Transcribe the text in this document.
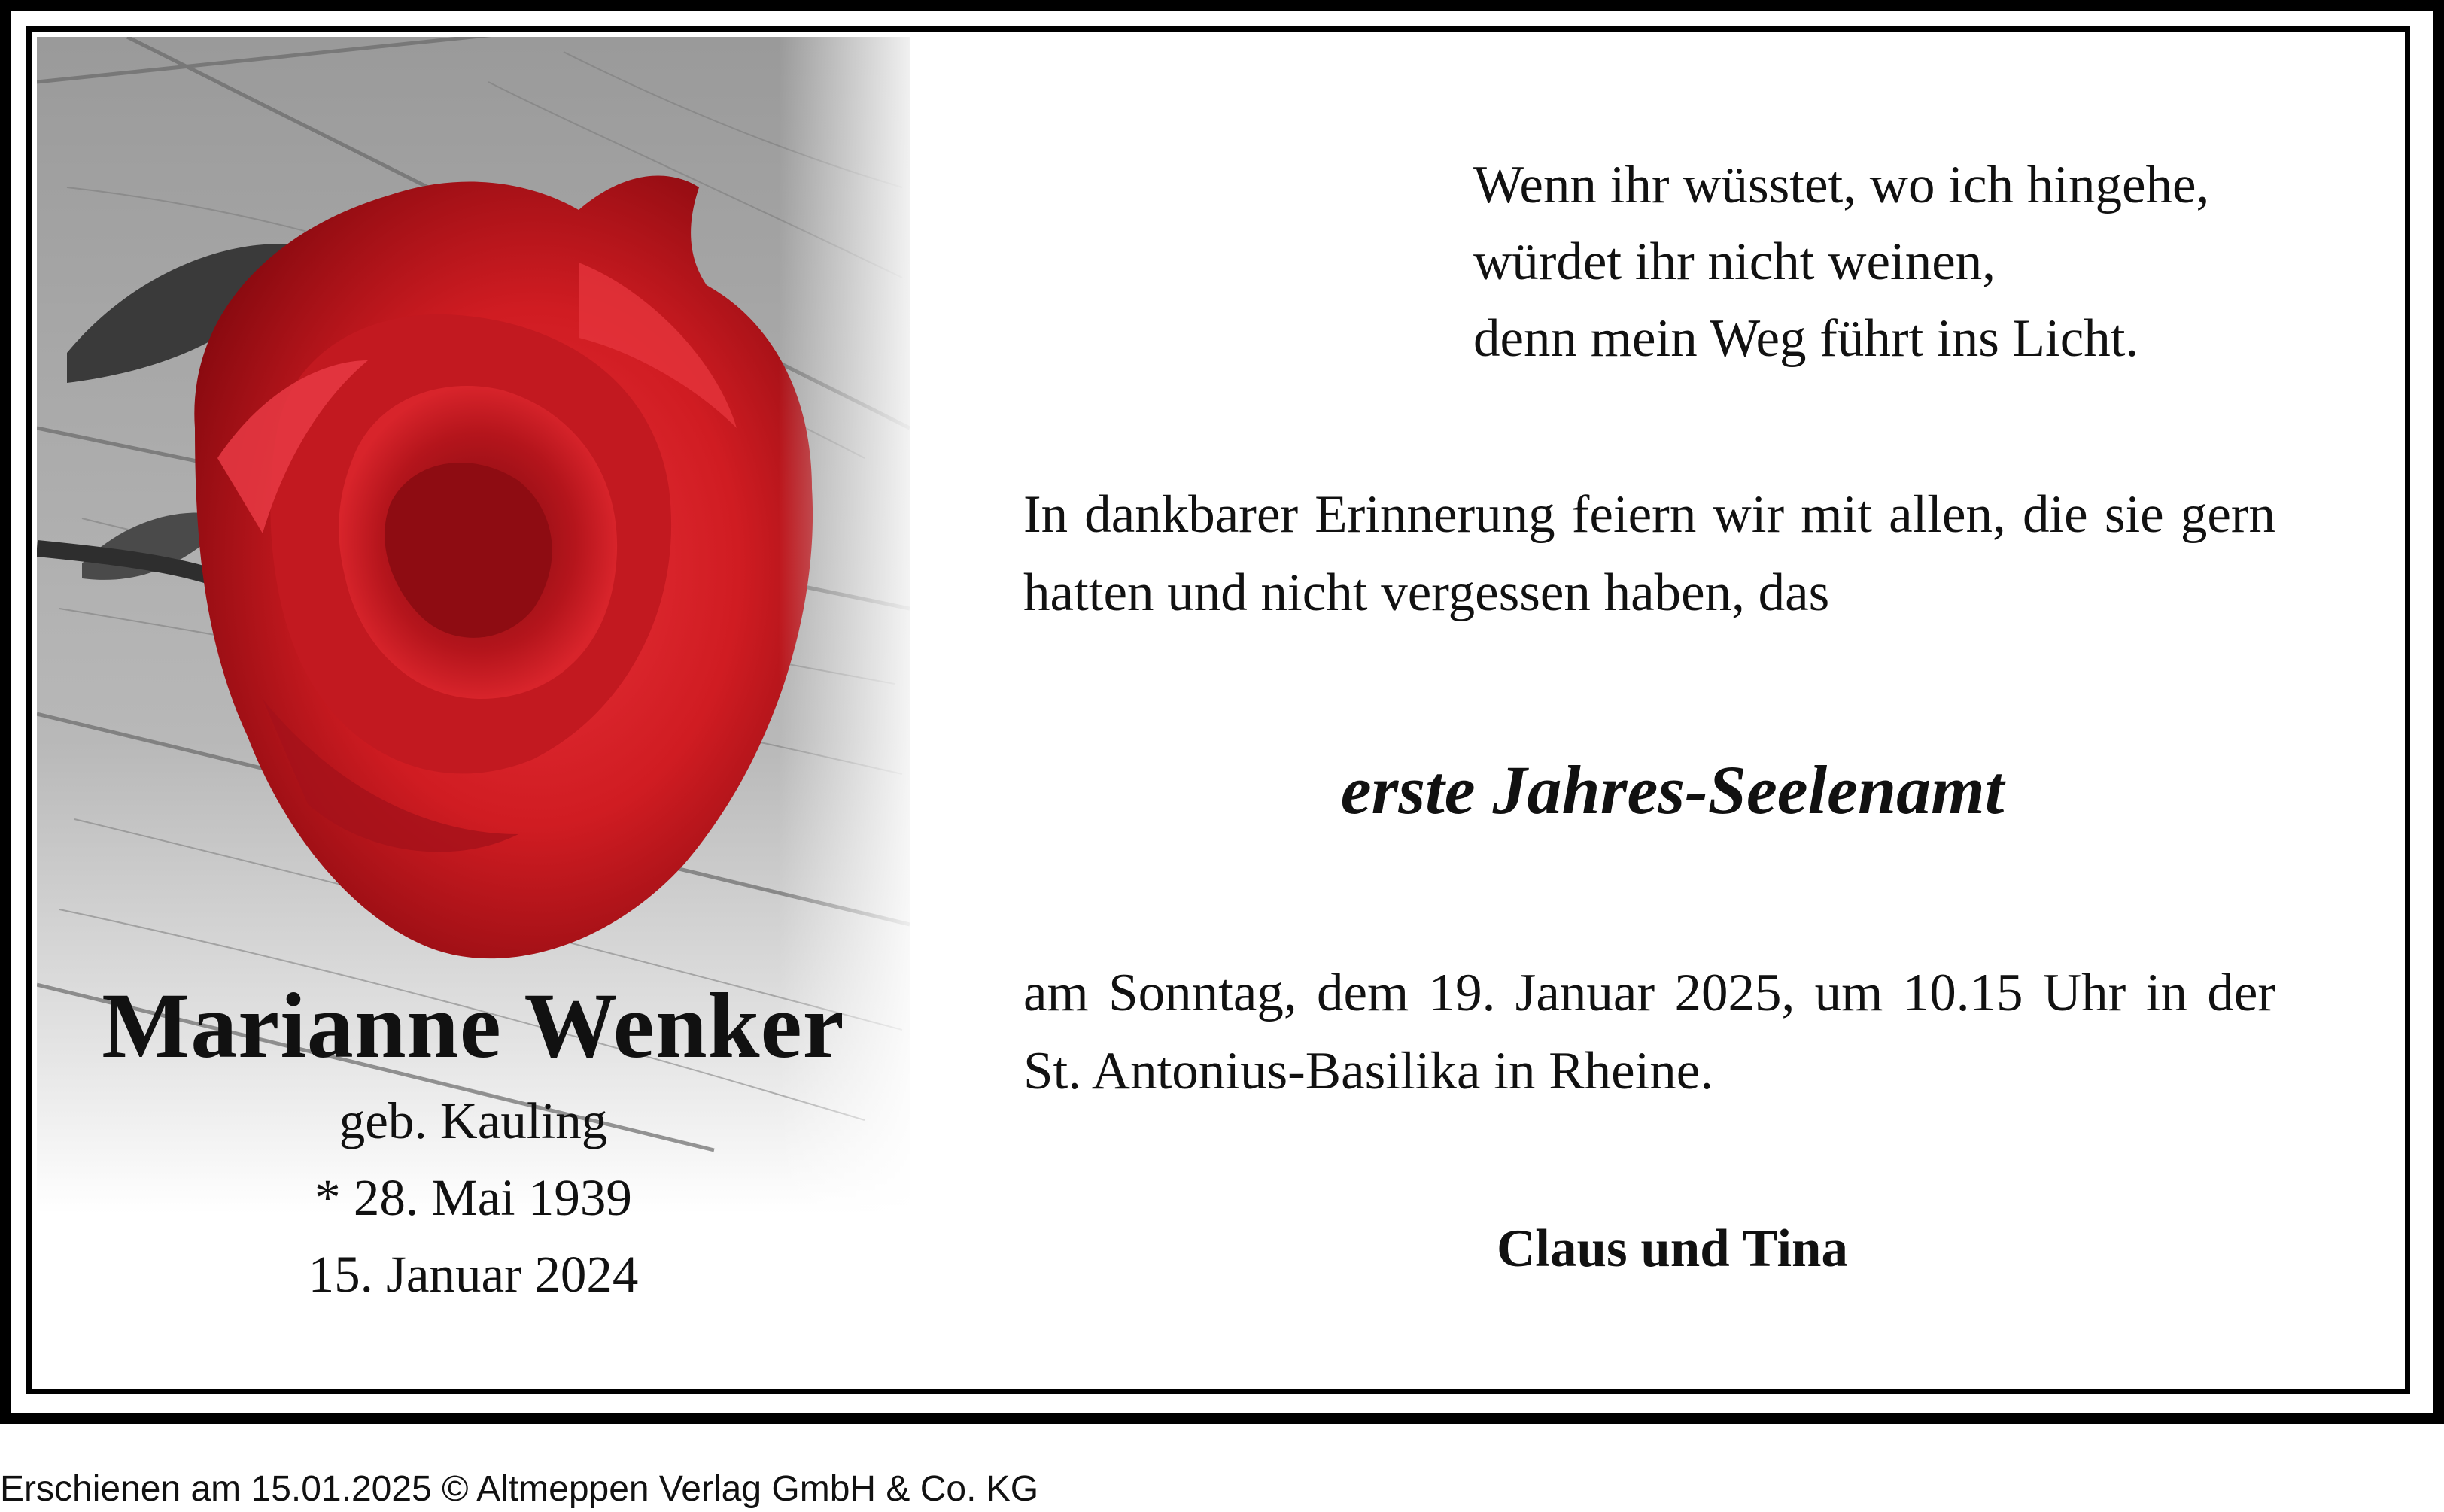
Marianne Wenker
geb. Kauling
* 28. Mai 1939
15. Januar 2024
Wenn ihr wüsstet, wo ich hingehe,
würdet ihr nicht weinen,
denn mein Weg führt ins Licht.
In dankbarer Erinnerung feiern wir mit allen, die sie gern hatten und nicht vergessen haben, das
erste Jahres-Seelenamt
am Sonntag, dem 19. Januar 2025, um 10.15 Uhr in der St. Antonius-Basilika in Rheine.
Claus und Tina
Erschienen am 15.01.2025 © Altmeppen Verlag GmbH & Co. KG
